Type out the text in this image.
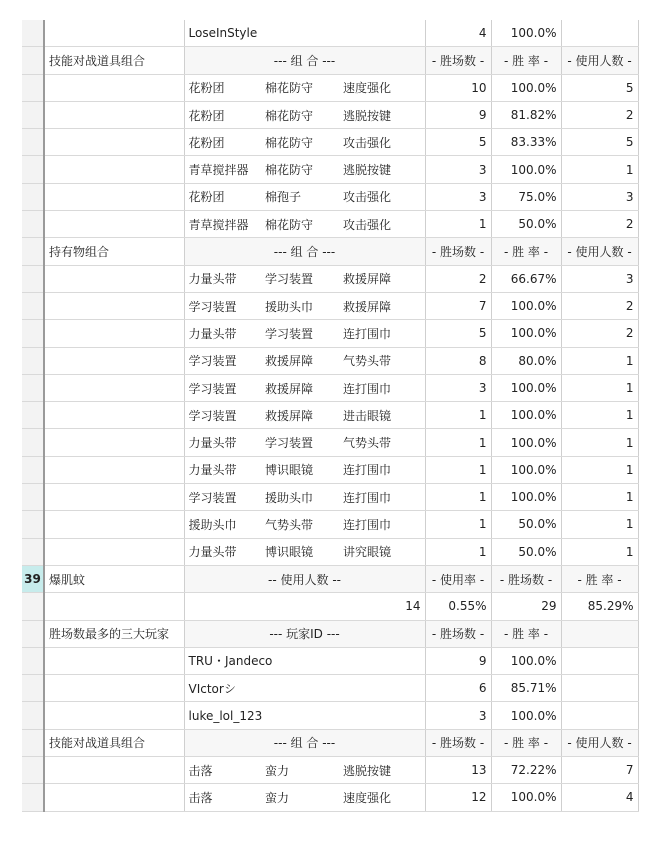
		LoseInStyle			4	100.0%	
	技能对战道具组合	--- 组 合 ---			- 胜场数 -	- 胜 率 -	- 使用人数 -
		花粉团	棉花防守	速度强化	10	100.0%	5
		花粉团	棉花防守	逃脱按键	9	81.82%	2
		花粉团	棉花防守	攻击强化	5	83.33%	5
		青草搅拌器	棉花防守	逃脱按键	3	100.0%	1
		花粉团	棉孢子	攻击强化	3	75.0%	3
		青草搅拌器	棉花防守	攻击强化	1	50.0%	2
	持有物组合	--- 组 合 ---			- 胜场数 -	- 胜 率 -	- 使用人数 -
		力量头带	学习装置	救援屏障	2	66.67%	3
		学习装置	援助头巾	救援屏障	7	100.0%	2
		力量头带	学习装置	连打围巾	5	100.0%	2
		学习装置	救援屏障	气势头带	8	80.0%	1
		学习装置	救援屏障	连打围巾	3	100.0%	1
		学习装置	救援屏障	进击眼镜	1	100.0%	1
		力量头带	学习装置	气势头带	1	100.0%	1
		力量头带	博识眼镜	连打围巾	1	100.0%	1
		学习装置	援助头巾	连打围巾	1	100.0%	1
		援助头巾	气势头带	连打围巾	1	50.0%	1
		力量头带	博识眼镜	讲究眼镜	1	50.0%	1
39	爆肌蚊	-- 使用人数 --			- 使用率 -	- 胜场数 -	- 胜 率 -
		14			0.55%	29	85.29%
	胜场数最多的三大玩家	--- 玩家ID ---			- 胜场数 -	- 胜 率 -	
		TRU・Jandeco			9	100.0%	
		VIctorシ			6	85.71%	
		luke_lol_123			3	100.0%	
	技能对战道具组合	--- 组 合 ---			- 胜场数 -	- 胜 率 -	- 使用人数 -
		击落	蛮力	逃脱按键	13	72.22%	7
		击落	蛮力	速度强化	12	100.0%	4
